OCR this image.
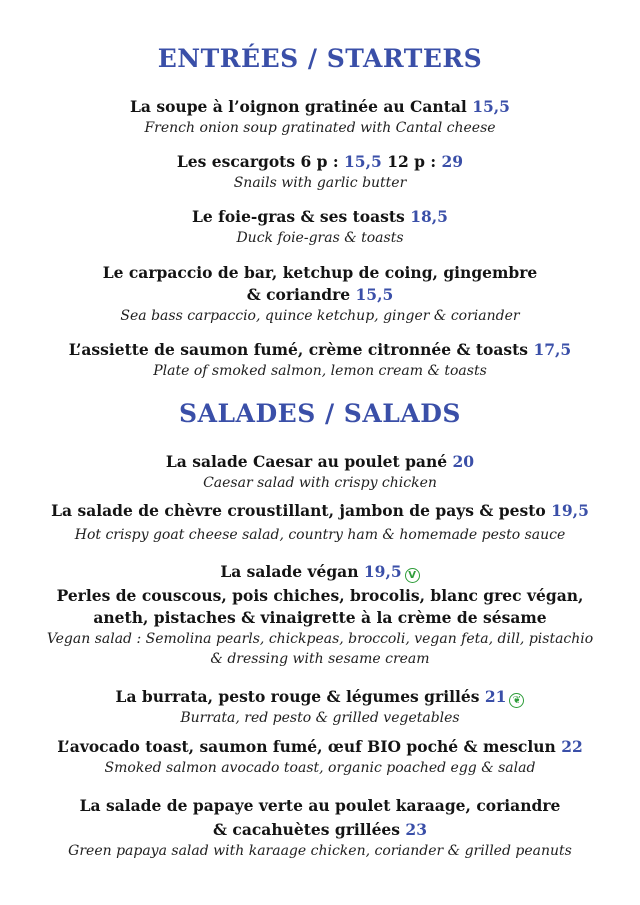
ENTRÉES / STARTERS
La soupe à l’oignon gratinée au Cantal 15,5
French onion soup gratinated with Cantal cheese
Les escargots 6 p : 15,5 12 p : 29
Snails with garlic butter
Le foie-gras & ses toasts 18,5
Duck foie-gras & toasts
Le carpaccio de bar, ketchup de coing, gingembre
& coriandre 15,5
Sea bass carpaccio, quince ketchup, ginger & coriander
L’assiette de saumon fumé, crème citronnée & toasts 17,5
Plate of smoked salmon, lemon cream & toasts
SALADES / SALADS
La salade Caesar au poulet pané 20
Caesar salad with crispy chicken
La salade de chèvre croustillant, jambon de pays & pesto 19,5
Hot crispy goat cheese salad, country ham & homemade pesto sauce
La salade végan 19,5 V
Perles de couscous, pois chiches, brocolis, blanc grec végan,
aneth, pistaches & vinaigrette à la crème de sésame
Vegan salad : Semolina pearls, chickpeas, broccoli, vegan feta, dill, pistachio
& dressing with sesame cream
La burrata, pesto rouge & légumes grillés 21 ❦
Burrata, red pesto & grilled vegetables
L’avocado toast, saumon fumé, œuf BIO poché & mesclun 22
Smoked salmon avocado toast, organic poached egg & salad
La salade de papaye verte au poulet karaage, coriandre
& cacahuètes grillées 23
Green papaya salad with karaage chicken, coriander & grilled peanuts
